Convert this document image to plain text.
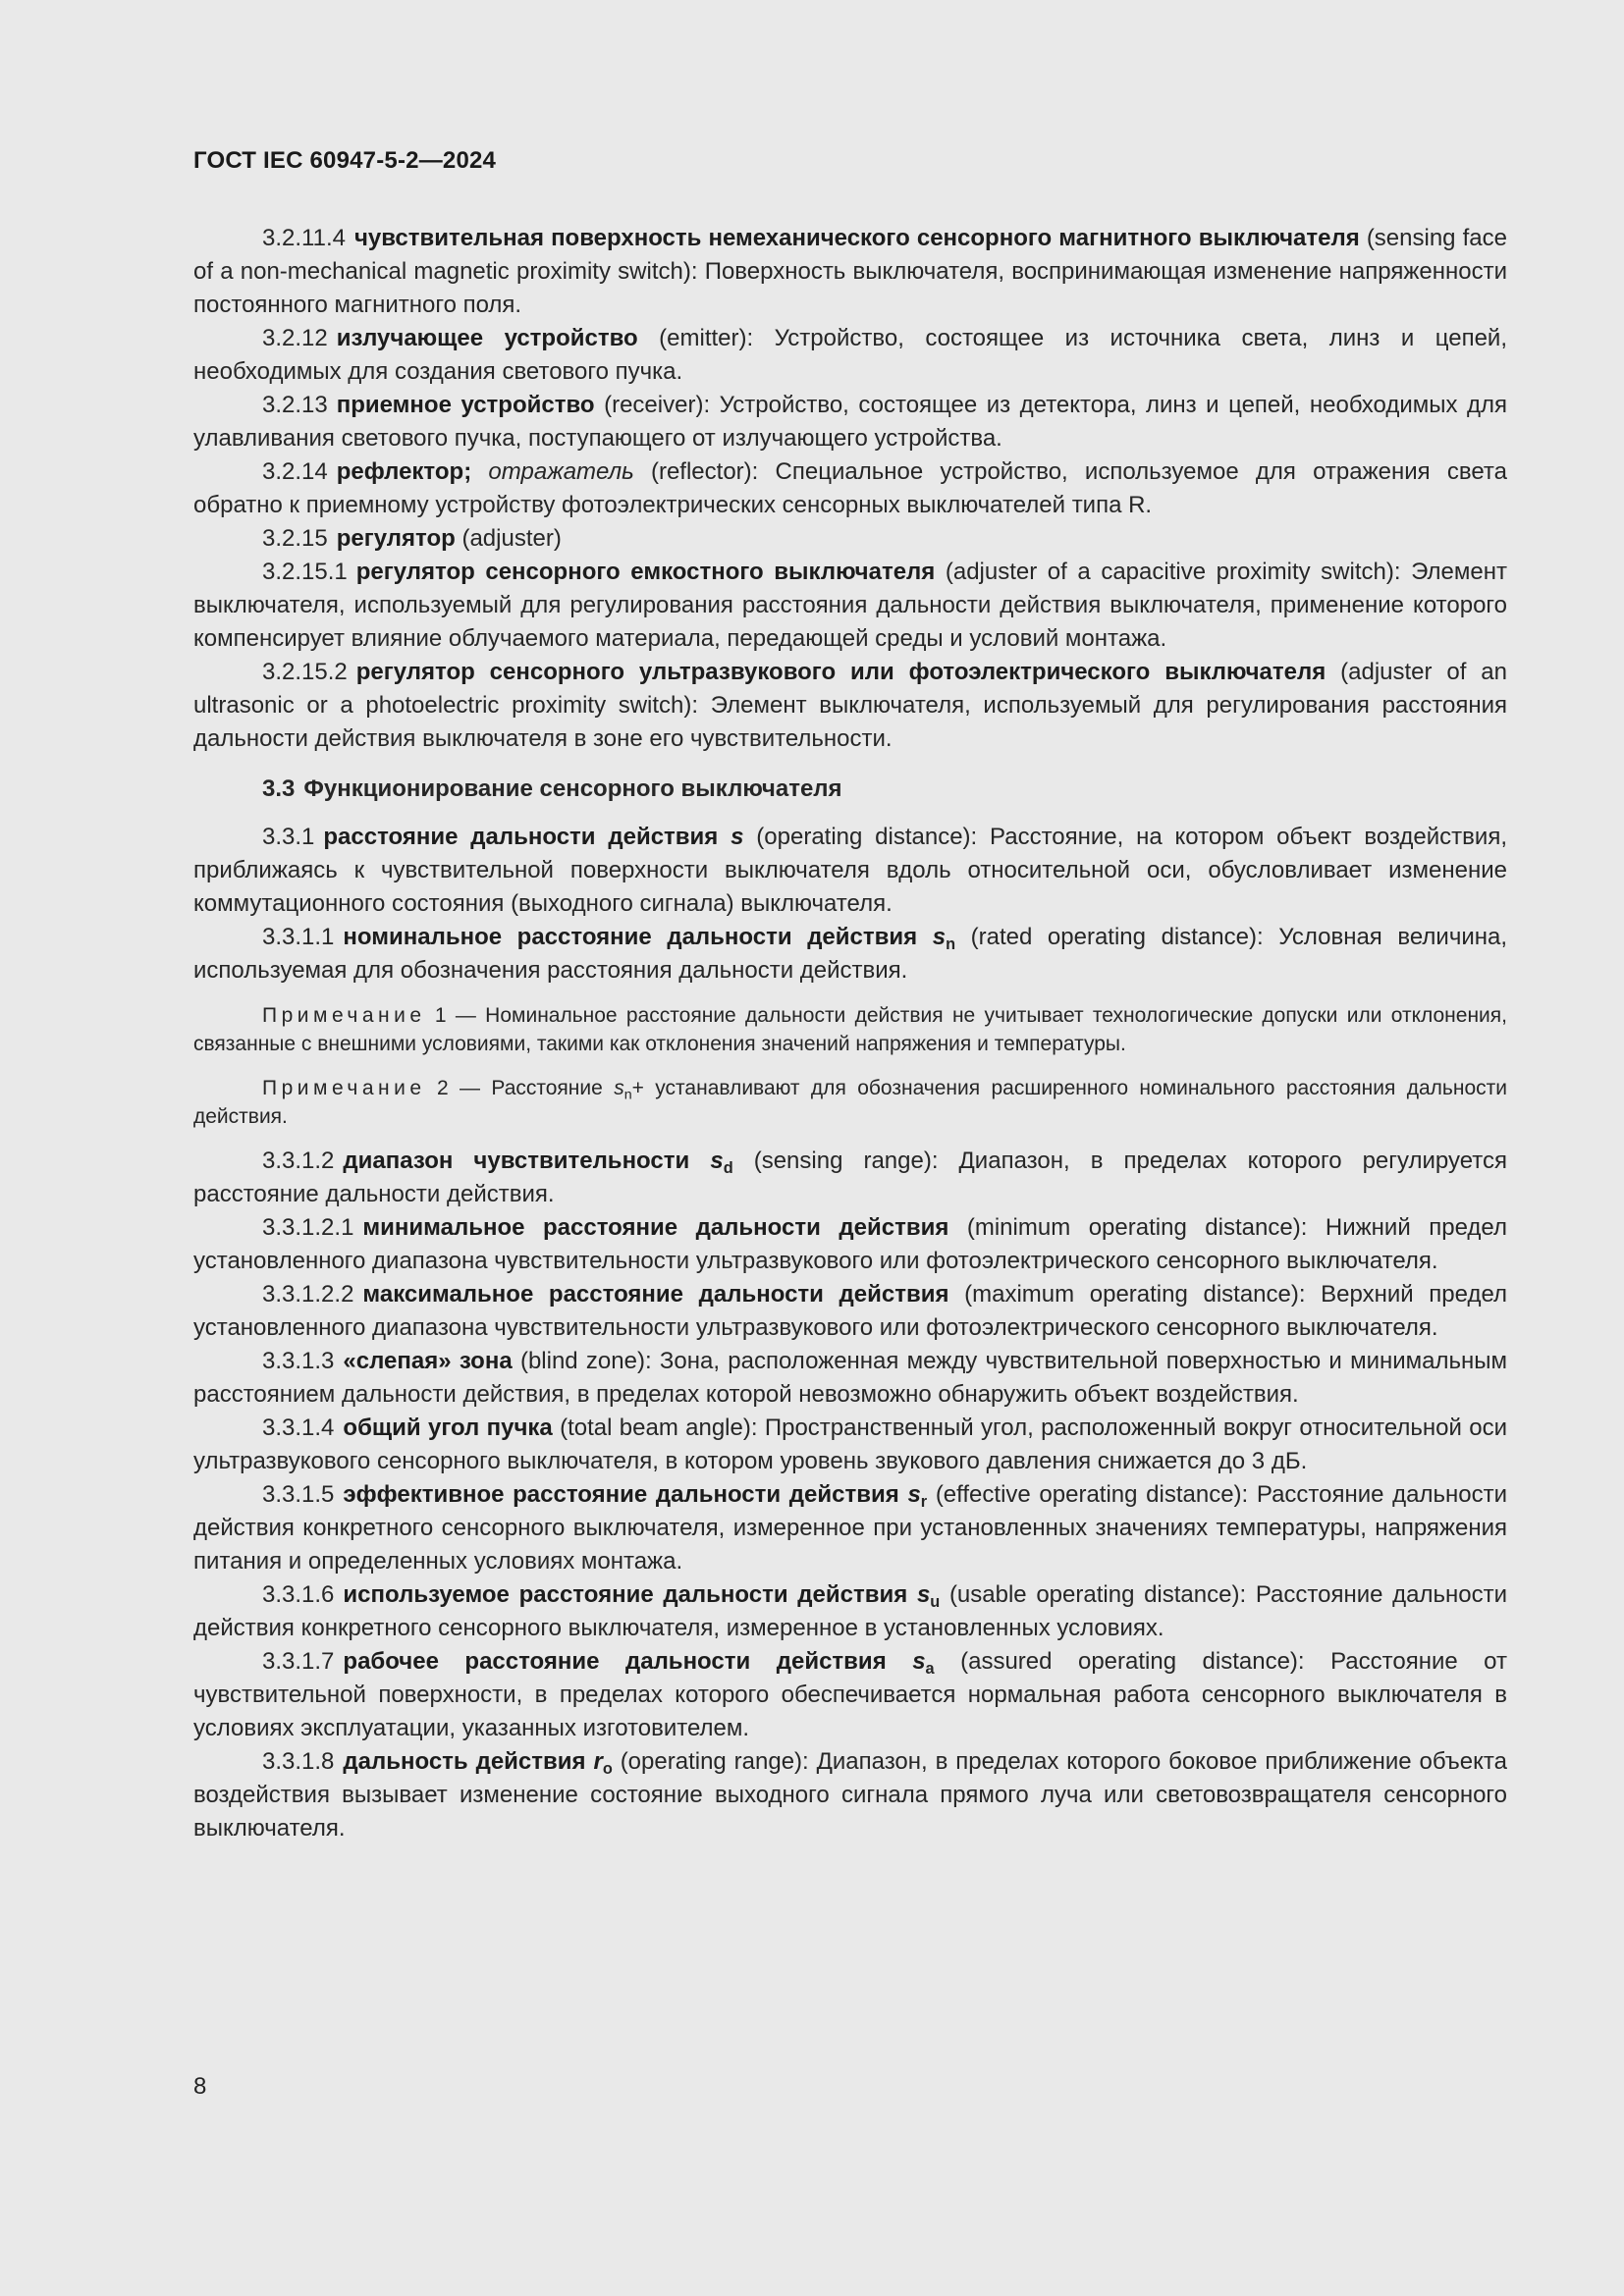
ГОСТ IEC 60947-5-2—2024

3.2.11.4 чувствительная поверхность немеханического сенсорного магнитного выключателя (sensing face of a non-mechanical magnetic proximity switch): Поверхность выключателя, воспринимающая изменение напряженности постоянного магнитного поля.

3.2.12 излучающее устройство (emitter): Устройство, состоящее из источника света, линз и цепей, необходимых для создания светового пучка.

3.2.13 приемное устройство (receiver): Устройство, состоящее из детектора, линз и цепей, необходимых для улавливания светового пучка, поступающего от излучающего устройства.

3.2.14 рефлектор; отражатель (reflector): Специальное устройство, используемое для отражения света обратно к приемному устройству фотоэлектрических сенсорных выключателей типа R.

3.2.15 регулятор (adjuster)

3.2.15.1 регулятор сенсорного емкостного выключателя (adjuster of a capacitive proximity switch): Элемент выключателя, используемый для регулирования расстояния дальности действия выключателя, применение которого компенсирует влияние облучаемого материала, передающей среды и условий монтажа.

3.2.15.2 регулятор сенсорного ультразвукового или фотоэлектрического выключателя (adjuster of an ultrasonic or a photoelectric proximity switch): Элемент выключателя, используемый для регулирования расстояния дальности действия выключателя в зоне его чувствительности.

3.3 Функционирование сенсорного выключателя

3.3.1 расстояние дальности действия s (operating distance): Расстояние, на котором объект воздействия, приближаясь к чувствительной поверхности выключателя вдоль относительной оси, обусловливает изменение коммутационного состояния (выходного сигнала) выключателя.

3.3.1.1 номинальное расстояние дальности действия $s_n$ (rated operating distance): Условная величина, используемая для обозначения расстояния дальности действия.

Примечание 1 — Номинальное расстояние дальности действия не учитывает технологические допуски или отклонения, связанные с внешними условиями, такими как отклонения значений напряжения и температуры.

Примечание 2 — Расстояние $s_n+$ устанавливают для обозначения расширенного номинального расстояния дальности действия.

3.3.1.2 диапазон чувствительности $s_d$ (sensing range): Диапазон, в пределах которого регулируется расстояние дальности действия.

3.3.1.2.1 минимальное расстояние дальности действия (minimum operating distance): Нижний предел установленного диапазона чувствительности ультразвукового или фотоэлектрического сенсорного выключателя.

3.3.1.2.2 максимальное расстояние дальности действия (maximum operating distance): Верхний предел установленного диапазона чувствительности ультразвукового или фотоэлектрического сенсорного выключателя.

3.3.1.3 «слепая» зона (blind zone): Зона, расположенная между чувствительной поверхностью и минимальным расстоянием дальности действия, в пределах которой невозможно обнаружить объект воздействия.

3.3.1.4 общий угол пучка (total beam angle): Пространственный угол, расположенный вокруг относительной оси ультразвукового сенсорного выключателя, в котором уровень звукового давления снижается до 3 дБ.

3.3.1.5 эффективное расстояние дальности действия $s_r$ (effective operating distance): Расстояние дальности действия конкретного сенсорного выключателя, измеренное при установленных значениях температуры, напряжения питания и определенных условиях монтажа.

3.3.1.6 используемое расстояние дальности действия $s_u$ (usable operating distance): Расстояние дальности действия конкретного сенсорного выключателя, измеренное в установленных условиях.

3.3.1.7 рабочее расстояние дальности действия $s_a$ (assured operating distance): Расстояние от чувствительной поверхности, в пределах которого обеспечивается нормальная работа сенсорного выключателя в условиях эксплуатации, указанных изготовителем.

3.3.1.8 дальность действия $r_o$ (operating range): Диапазон, в пределах которого боковое приближение объекта воздействия вызывает изменение состояние выходного сигнала прямого луча или световозвращателя сенсорного выключателя.

8
